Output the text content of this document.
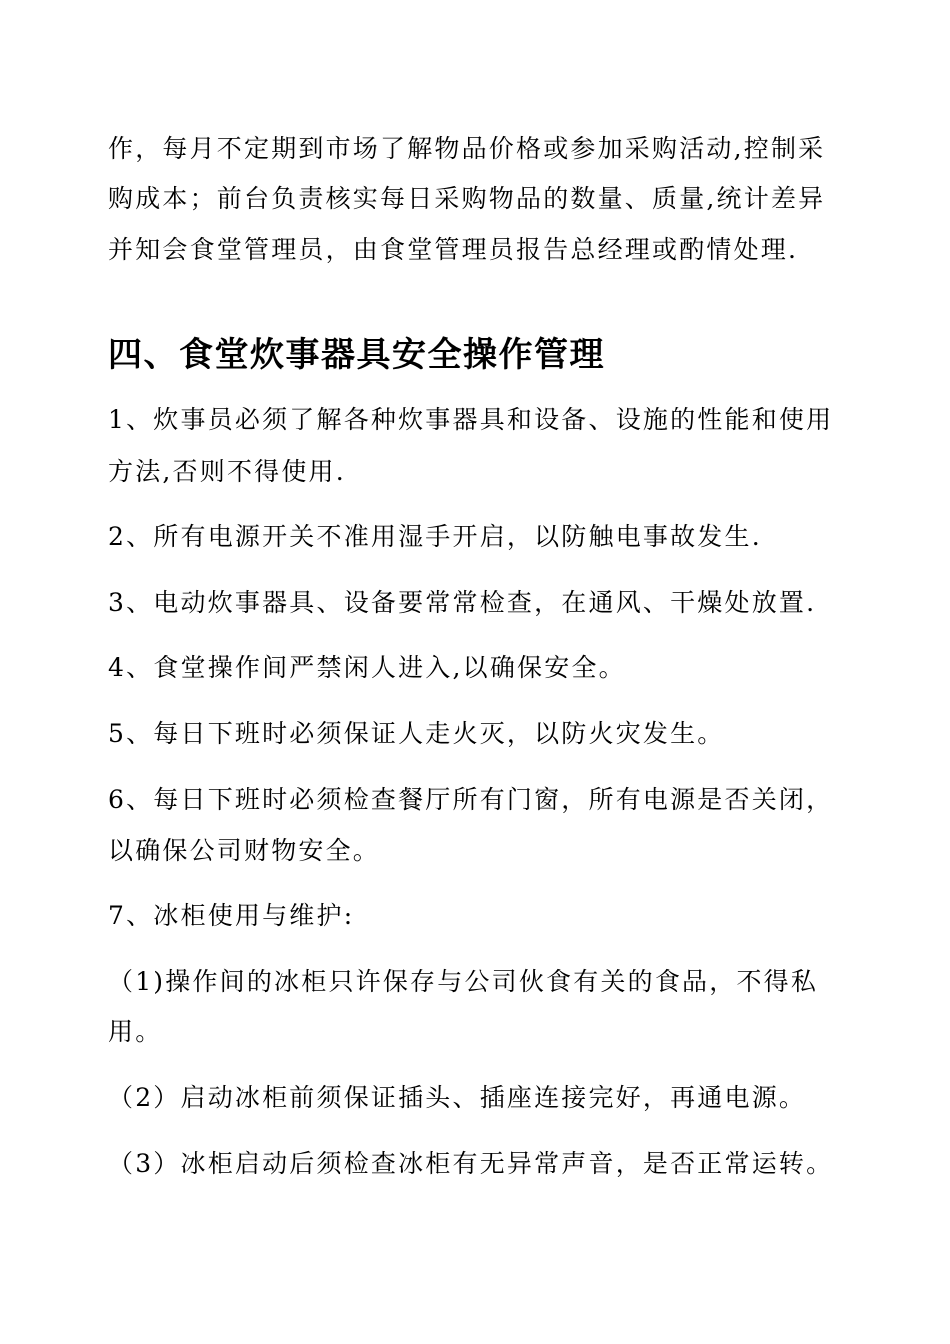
作，每月不定期到市场了解物品价格或参加采购活动,控制采
购成本；前台负责核实每日采购物品的数量、质量,统计差异
并知会食堂管理员，由食堂管理员报告总经理或酌情处理.
四、食堂炊事器具安全操作管理
1、炊事员必须了解各种炊事器具和设备、设施的性能和使用
方法,否则不得使用.
2、所有电源开关不准用湿手开启，以防触电事故发生.
3、电动炊事器具、设备要常常检查，在通风、干燥处放置.
4、食堂操作间严禁闲人进入,以确保安全。
5、每日下班时必须保证人走火灭，以防火灾发生。
6、每日下班时必须检查餐厅所有门窗，所有电源是否关闭，
以确保公司财物安全。
7、冰柜使用与维护:
（1)操作间的冰柜只许保存与公司伙食有关的食品，不得私
用。
（2）启动冰柜前须保证插头、插座连接完好，再通电源。
（3）冰柜启动后须检查冰柜有无异常声音，是否正常运转。
